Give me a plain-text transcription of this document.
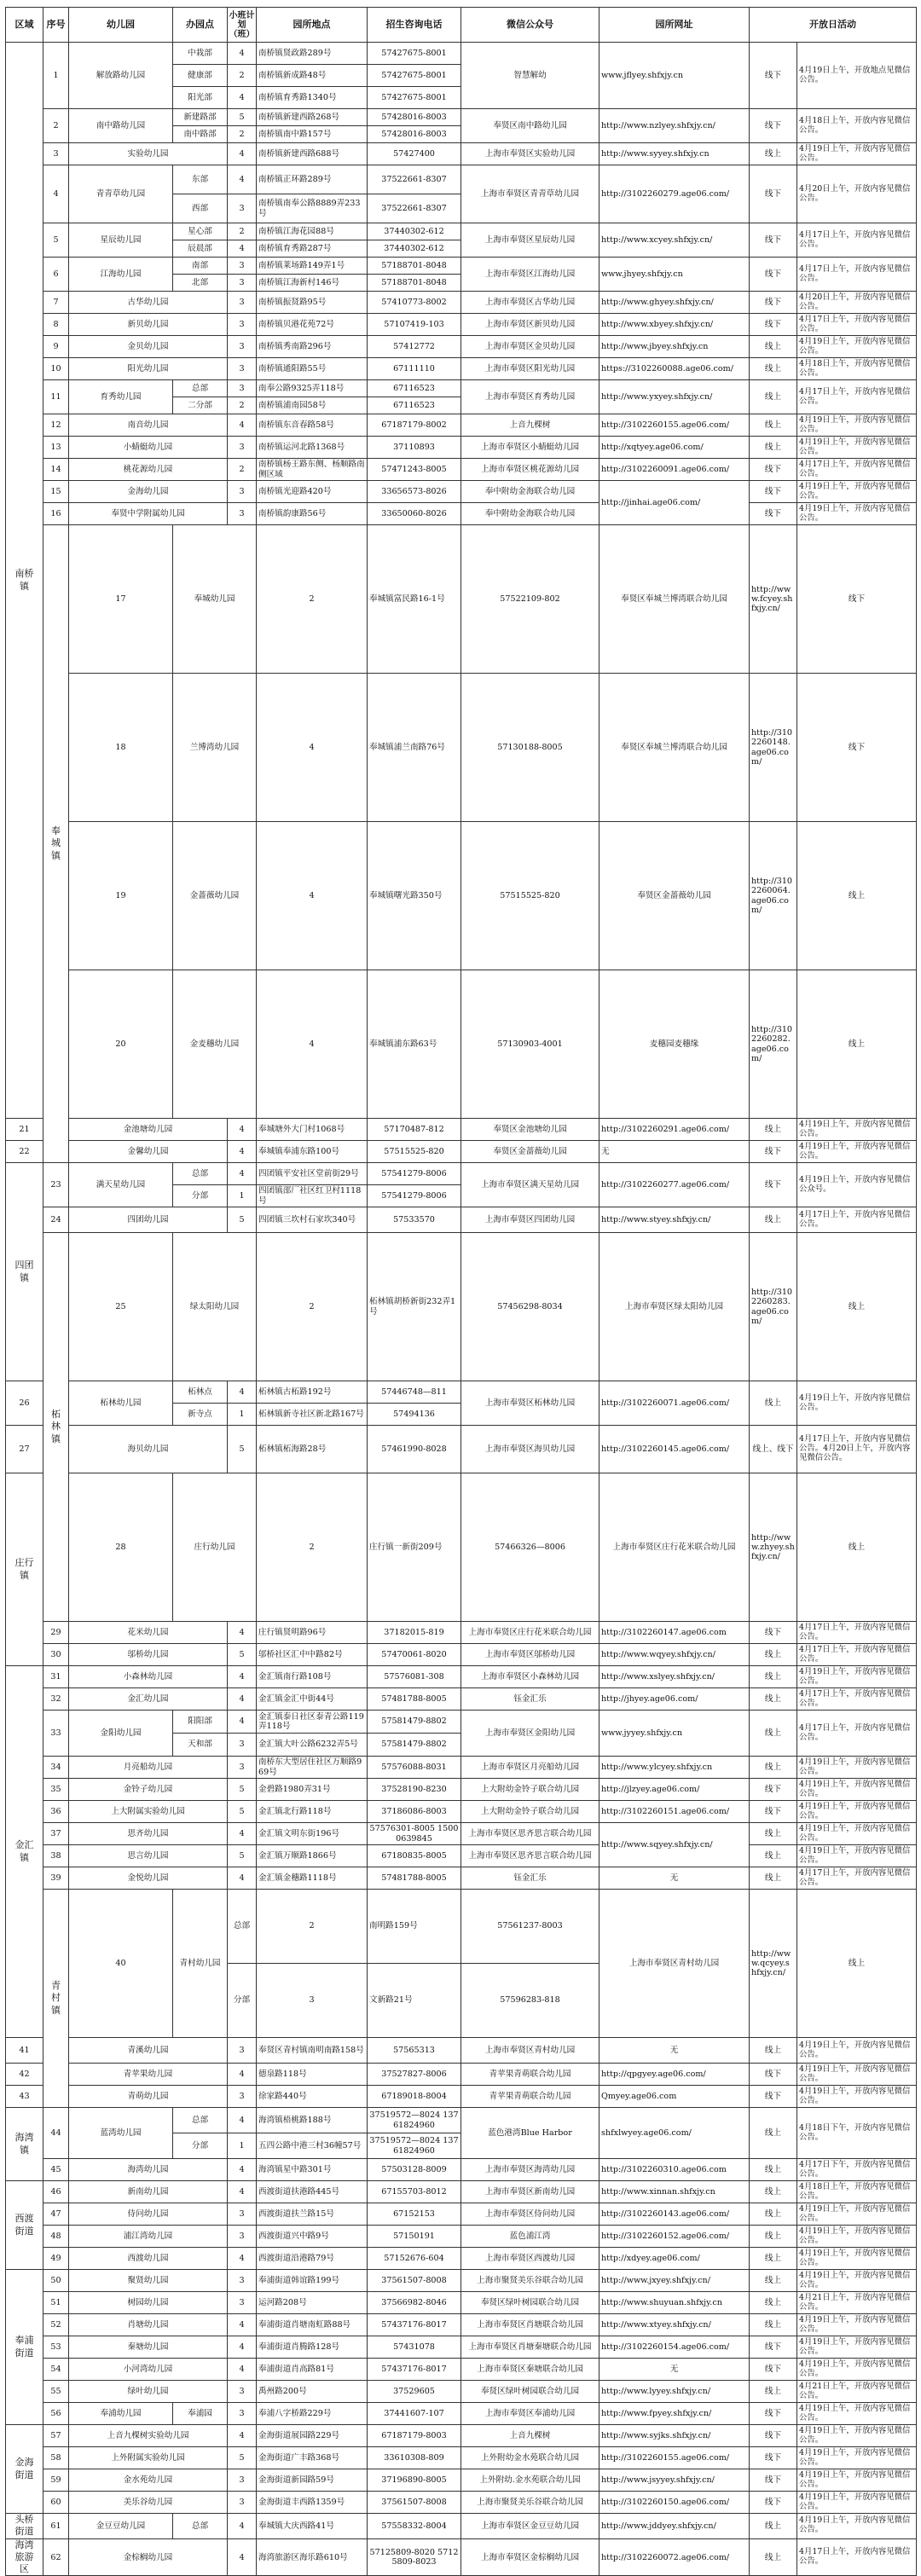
区域	序号	幼儿园	办园点	小班计划（班）	园所地点	招生咨询电话	微信公众号	园所网址	开放日活动		
南桥镇	1	解放路幼儿园	中栽部	4	南桥镇贤政路289号	57427675-8001	智慧解幼	www.jflyey.shfxjy.cn	线下	4月19日上午，开放地点见微信公告。	
			健康部	2	南桥镇新成路48号	57427675-8001					
			阳光部	4	南桥镇育秀路1340号	57427675-8001					
	2	南中路幼儿园	新建路部	5	南桥镇新建西路268号	57428016-8003	奉贤区南中路幼儿园	http://www.nzlyey.shfxjy.cn/	线下	4月18日上午，开放内容见微信公告。	
			南中路部	2	南桥镇南中路157号	57428016-8003					
	3	实验幼儿园		4	南桥镇新建西路688号	57427400	上海市奉贤区实验幼儿园	http://www.syyey.shfxjy.cn	线上	4月19日上午，开放内容见微信公告。	
	4	青青草幼儿园	东部	4	南桥镇正环路289号	37522661-8307	上海市奉贤区青青草幼儿园	http://3102260279.age06.com/	线下	4月20日上午，开放内容见微信公告。	
			西部	3	南桥镇南奉公路8889弄233号	37522661-8307					
	5	星辰幼儿园	星心部	2	南桥镇江海花园88号	37440302-612	上海市奉贤区星辰幼儿园	http://www.xcyey.shfxjy.cn/	线下	4月17日上午，开放内容见微信公告。	
			辰晨部	4	南桥镇育秀路287号	37440302-612					
	6	江海幼儿园	南部	3	南桥镇莱场路149弄1号	57188701-8048	上海市奉贤区江海幼儿园	www.jhyey.shfxjy.cn	线下	4月17日上午，开放内容见微信公告。	
			北部	3	南桥镇江海新村146号	57188701-8048					
	7	古华幼儿园		3	南桥镇振贤路95号	57410773-8002	上海市奉贤区古华幼儿园	http://www.ghyey.shfxjy.cn/	线下	4月20日上午，开放内容见微信公告。	
	8	新贝幼儿园		3	南桥镇贝港花苑72号	57107419-103	上海市奉贤区新贝幼儿园	http://www.xbyey.shfxjy.cn/	线下	4月17日上午，开放内容见微信公告。	
	9	金贝幼儿园		3	南桥镇秀南路296号	57412772	上海市奉贤区金贝幼儿园	http://www.jbyey.shfxjy.cn	线上	4月19日上午，开放内容见微信公告。	
	10	阳光幼儿园		3	南桥镇通阳路55号	67111110	上海市奉贤区阳光幼儿园	https://3102260088.age06.com/	线上	4月18日上午，开放内容见微信公告。	
	11	育秀幼儿园	总部	3	南奉公路9325弄118号	67116523	上海市奉贤区育秀幼儿园	http://www.yxyey.shfxjy.cn/	线上	4月17日上午，开放内容见微信公告。	
			二分部	2	南桥镇浦南园58号	67116523					
	12	南音幼儿园		4	南桥镇东音春路58号	67187179-8002	上音九棵树	http://3102260155.age06.com/	线上	4月19日上午，开放内容见微信公告。	
	13	小蜻蜓幼儿园		3	南桥镇运河北路1368号	37110893	上海市奉贤区小蜻蜓幼儿园	http://xqtyey.age06.com/	线上	4月19日上午，开放内容见微信公告。	
	14	桃花源幼儿园		2	南桥镇杨王路东侧、杨顺路南侧区域	57471243-8005	上海市奉贤区桃花源幼儿园	http://3102260091.age06.com/	线下	4月17日上午，开放内容见微信公告。	
	15	金海幼儿园		3	南桥镇光迎路420号	33656573-8026	奉中附幼金海联合幼儿园	http://jinhai.age06.com/	线下	4月19日上午，开放内容见微信公告。	
	16	奉贤中学附属幼儿园		3	南桥镇韵康路56号	33650060-8026	奉中附幼金海联合幼儿园		线下	4月19日上午，开放内容见微信公告。	
	奉城镇	17	奉城幼儿园		2	奉城镇富民路16-1号	57522109-802	奉贤区奉城兰博湾联合幼儿园	http://www.fcyey.shfxjy.cn/	线下	
		18	兰博湾幼儿园		4	奉城镇浦兰南路76号	57130188-8005	奉贤区奉城兰博湾联合幼儿园	http://3102260148.age06.com/	线下	
		19	金蔷薇幼儿园		4	奉城镇曙光路350号	57515525-820	奉贤区金蔷薇幼儿园	http://3102260064.age06.com/	线上	
		20	金麦穗幼儿园		4	奉城镇浦东路63号	57130903-4001	麦穗园麦穗缘	http://3102260282.age06.com/	线上	
21		金池塘幼儿园		4	奉城塘外大门村1068号	57170487-812	奉贤区金池塘幼儿园	http://3102260291.age06.com/	线上	4月19日上午，开放内容见微信公告。	
22		金馨幼儿园		4	奉城镇奉浦东路100号	57515525-820	奉贤区金蔷薇幼儿园	无	线下	4月19日上午，开放内容见微信公告。	
四团镇	23	满天星幼儿园	总部	4	四团镇平安社区堂前街29号	57541279-8006	上海市奉贤区满天星幼儿园	http://3102260277.age06.com/	线下	4月19日上午，开放内容见微信公众号。	
			分部	1	四团镇邵厂社区红卫村1118号	57541279-8006					
	24	四团幼儿园		5	四团镇三坎村石家坎340号	57533570	上海市奉贤区四团幼儿园	http://www.styey.shfxjy.cn/	线上	4月17日上午，开放内容见微信公告。	
	柘林镇	25	绿太阳幼儿园		2	柘林镇胡桥新街232弄1号	57456298-8034	上海市奉贤区绿太阳幼儿园	http://3102260283.age06.com/	线上	
26		柘林幼儿园	柘林点	4	柘林镇古柘路192号	57446748—811	上海市奉贤区柘林幼儿园	http://3102260071.age06.com/	线上	4月19日上午，开放内容见微信公告。	
			新寺点	1	柘林镇新寺社区新北路167号	57494136					
27		海贝幼儿园		5	柘林镇柘海路28号	57461990-8028	上海市奉贤区海贝幼儿园	http://3102260145.age06.com/	线上、线下	4月17日上午，开放内容见微信公告。4月20日上午，开放内容见微信公告。	
庄行镇		28	庄行幼儿园		2	庄行镇一新街209号	57466326—8006	上海市奉贤区庄行花米联合幼儿园	http://www.zhyey.shfxjy.cn/	线上	
	29	花米幼儿园		4	庄行镇贤明路96号	37182015-819	上海市奉贤区庄行花米联合幼儿园	http://3102260147.age06.com	线下	4月17日上午，开放内容见微信公告。	
	30	邬桥幼儿园		5	邬桥社区汇中中路82号	57470061-8020	上海市奉贤区邬桥幼儿园	http://www.wqyey.shfxjy.cn/	线上	4月17日上午，开放内容见微信公告。	
金汇镇	31	小森林幼儿园		4	金汇镇南行路108号	57576081-308	上海市奉贤区小森林幼儿园	http://www.xslyey.shfxjy.cn/	线上	4月19日上午，开放内容见微信公告。	
	32	金汇幼儿园		4	金汇镇金汇中街44号	57481788-8005	钰金汇乐	http://jhyey.age06.com/	线上	4月17日上午，开放内容见微信公告。	
	33	金阳幼儿园	阳阳部	4	金汇镇泰日社区泰青公路119弄118号	57581479-8802	上海市奉贤区金阳幼儿园	www.jyyey.shfxjy.cn	线上	4月17日上午，开放内容见微信公告。	
			天和部	3	金汇镇大叶公路6232弄5号	57581479-8802					
	34	月亮船幼儿园		3	南桥东大型居住社区万顺路969号	57576088-8031	上海市奉贤区月亮船幼儿园	http://www.ylcyey.shfxjy.cn	线上	4月19日上午，开放内容见微信公告。	
	35	金铃子幼儿园		5	金碧路1980弄31号	37528190-8230	上大附幼金铃子联合幼儿园	http://jlzyey.age06.com/	线下	4月19日上午，开放内容见微信公告。	
	36	上大附属实验幼儿园		5	金汇镇北行路118号	37186086-8003	上大附幼金铃子联合幼儿园	http://3102260151.age06.com/	线下	4月19日上午，开放内容见微信公告。	
	37	思齐幼儿园		4	金汇镇文明东街196号	57576301-8005 15000639845	上海市奉贤区思齐思言联合幼儿园	http://www.sqyey.shfxjy.cn/	线上	4月19日上午，开放内容见微信公告。	
	38	思言幼儿园		5	金汇镇万顺路1866号	67180835-8005	上海市奉贤区思齐思言联合幼儿园		线上	4月19日上午，开放内容见微信公告。	
	39	金悦幼儿园		4	金汇镇金穗路1118号	57481788-8005	钰金汇乐	无	线上	4月17日上午，开放内容见微信公告。	
	青村镇	40	青村幼儿园	总部	2	南明路159号	57561237-8003	上海市奉贤区青村幼儿园	http://www.qcyey.shfxjy.cn/	线上	
				分部	3	文新路21号	57596283-818				
41		青溪幼儿园		3	奉贤区青村镇南明南路158号	57565313	上海市奉贤区青村幼儿园	无	线上	4月19日上午，开放内容见微信公告。	
42		青苹果幼儿园		4	德泉路118号	37527827-8006	青苹果青萌联合幼儿园	http://qpgyey.age06.com/	线下	4月19日上午，开放内容见微信公告。	
43		青萌幼儿园		3	徐家路440号	67189018-8004	青苹果青萌联合幼儿园	Qmyey.age06.com	线下	4月19日上午，开放内容见微信公告。	
海湾镇	44	蓝湾幼儿园	总部	4	海湾镇梧桃路188号	37519572—8024 13761824960	蓝色港湾Blue Harbor	shfxlwyey.age06.com/	线上	4月18日下午，开放内容见微信公告。	
			分部	1	五四公路中港三村36幢57号	37519572—8024 13761824960					
	45	海湾幼儿园		4	海湾镇星中路301号	57503128-8009	上海市奉贤区海湾幼儿园	http://3102260310.age06.com	线上	4月17日下午，开放内容见微信公告。	
西渡街道	46	新南幼儿园		4	西渡街道扶港路445号	67155703-8012	上海市奉贤区新南幼儿园	http://www.xinnan.shfxjy.cn	线上	4月18日上午，开放内容见微信公告。	
	47	侍问幼儿园		3	西渡街道扶兰路15号	67152153	上海市奉贤区侍问幼儿园	http://3102260143.age06.com/	线上	4月19日上午，开放内容见微信公告。	
	48	浦江湾幼儿园		3	西渡街道兴中路9号	57150191	蓝色浦江湾	http://3102260152.age06.com/	线上	4月19日上午，开放内容见微信公告。	
	49	西渡幼儿园		4	西渡街道沿港路79号	57152676-604	上海市奉贤区西渡幼儿园	http://xdyey.age06.com/	线上	4月19日上午，开放内容见微信公告。	
奉浦街道	50	聚贤幼儿园		3	奉浦街道韩谊路199号	37561507-8008	上海市聚贤美乐谷联合幼儿园	http://www.jxyey.shfxjy.cn/	线上	4月19日上午，开放内容见微信公告。	
	51	树园幼儿园		3	运河路208号	37566982-8046	奉贤区绿叶树园联合幼儿园	http://www.shuyuan.shfxjy.cn	线上	4月21日上午，开放内容见微信公告。	
	52	肖塘幼儿园		4	奉浦街道肖塘南虹路88号	57437176-8017	上海市奉贤区肖塘联合幼儿园	http://www.xtyey.shfxjy.cn/	线上	4月19日上午，开放内容见微信公告。	
	53	秦塘幼儿园		4	奉浦街道肖腾路128号	57431078	上海市奉贤区肖塘秦塘联合幼儿园	http://3102260154.age06.com/	线下	4月19日上午，开放内容见微信公告。	
	54	小河湾幼儿园		4	奉浦街道肖高路81号	57437176-8017	上海市奉贤区秦塘联合幼儿园	无	线下	4月19日上午，开放内容见微信公告。	
	55	绿叶幼儿园		3	禹州路200号	37529605	奉贤区绿叶树园联合幼儿园	http://www.lyyey.shfxjy.cn/	线上	4月21日上午，开放内容见微信公告。	
	56	奉浦幼儿园	奉浦园	3	奉浦八字桥路229号	37441607-107	上海市奉贤区奉浦幼儿园	http://www.fpyey.shfxjy.cn/	线下	4月19日上午，开放内容见微信公告。	
金海街道	57	上音九棵树实验幼儿园		4	金海街道展园路229号	67187179-8003	上音九棵树	http://www.syjks.shfxjy.cn/	线下	4月19日上午，开放内容见微信公告。	
	58	上外附属实验幼儿园		5	金海街道广丰路368号	33610308-809	上外附幼金水苑联合幼儿园	http://3102260155.age06.com/	线下	4月19日上午，开放内容见微信公告。	
	59	金水苑幼儿园		3	金海街道新园路59号	37196890-8005	上外附幼.金水苑联合幼儿园	http://www.jsyyey.shfxjy.cn/	线下	4月19日上午，开放内容见微信公告。	
	60	美乐谷幼儿园		3	金海街道丰西路1359号	37561507-8008	上海市聚贤美乐谷联合幼儿园	http://3102260150.age06.com/	线下	4月19日上午，开放内容见微信公告。	
头桥街道	61	金豆豆幼儿园	总部	4	奉城镇大庆西路41号	57558332-8004	上海市奉贤区金豆豆幼儿园	http://www.jddyey.shfxjy.cn/	线上	4月19日上午，开放内容见微信公告。	
海湾旅游区	62	金棕榈幼儿园		4	海湾旅游区海乐路610号	57125809-8020 57125809-8023	上海市奉贤区金棕榈幼儿园	http://3102260072.age06.com/	线上	4月17日上午，开放内容见微信公告。	
